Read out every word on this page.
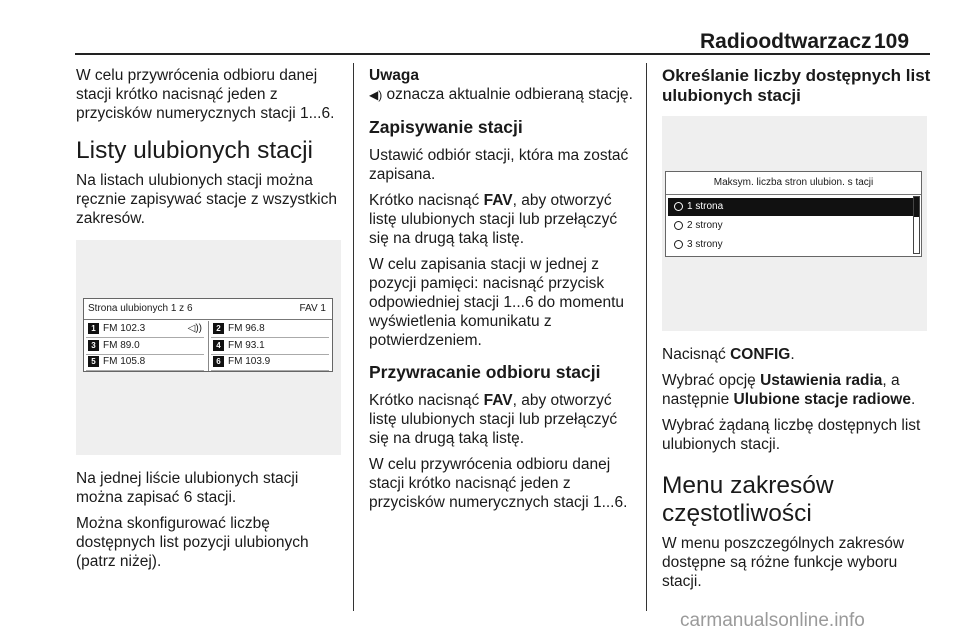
Radioodtwarzacz 109

W celu przywrócenia odbioru danej stacji krótko nacisnąć jeden z przycisków numerycznych stacji 1...6.

Listy ulubionych stacji

Na listach ulubionych stacji można ręcznie zapisywać stacje z wszystkich zakresów.

Strona ulubionych 1 z 6	FAV 1
1 FM 102.3	◁))	2 FM 96.8
3 FM 89.0	4 FM 93.1
5 FM 105.8	6 FM 103.9

Na jednej liście ulubionych stacji można zapisać 6 stacji.

Można skonfigurować liczbę dostępnych list pozycji ulubionych (patrz niżej).

Uwaga

◀) oznacza aktualnie odbieraną stację.

Zapisywanie stacji

Ustawić odbiór stacji, która ma zostać zapisana.

Krótko nacisnąć FAV, aby otworzyć listę ulubionych stacji lub przełączyć się na drugą taką listę.

W celu zapisania stacji w jednej z pozycji pamięci: nacisnąć przycisk odpowiedniej stacji 1...6 do momentu wyświetlenia komunikatu z potwierdzeniem.

Przywracanie odbioru stacji

Krótko nacisnąć FAV, aby otworzyć listę ulubionych stacji lub przełączyć się na drugą taką listę.

W celu przywrócenia odbioru danej stacji krótko nacisnąć jeden z przycisków numerycznych stacji 1...6.

Określanie liczby dostępnych list ulubionych stacji
Maksym. liczba stron ulubion. s tacji
1 strona
2 strony
3 strony

Nacisnąć CONFIG.

Wybrać opcję Ustawienia radia, a następnie Ulubione stacje radiowe.

Wybrać żądaną liczbę dostępnych list ulubionych stacji.

Menu zakresów częstotliwości

W menu poszczególnych zakresów dostępne są różne funkcje wyboru stacji.

carmanualsonline.info
